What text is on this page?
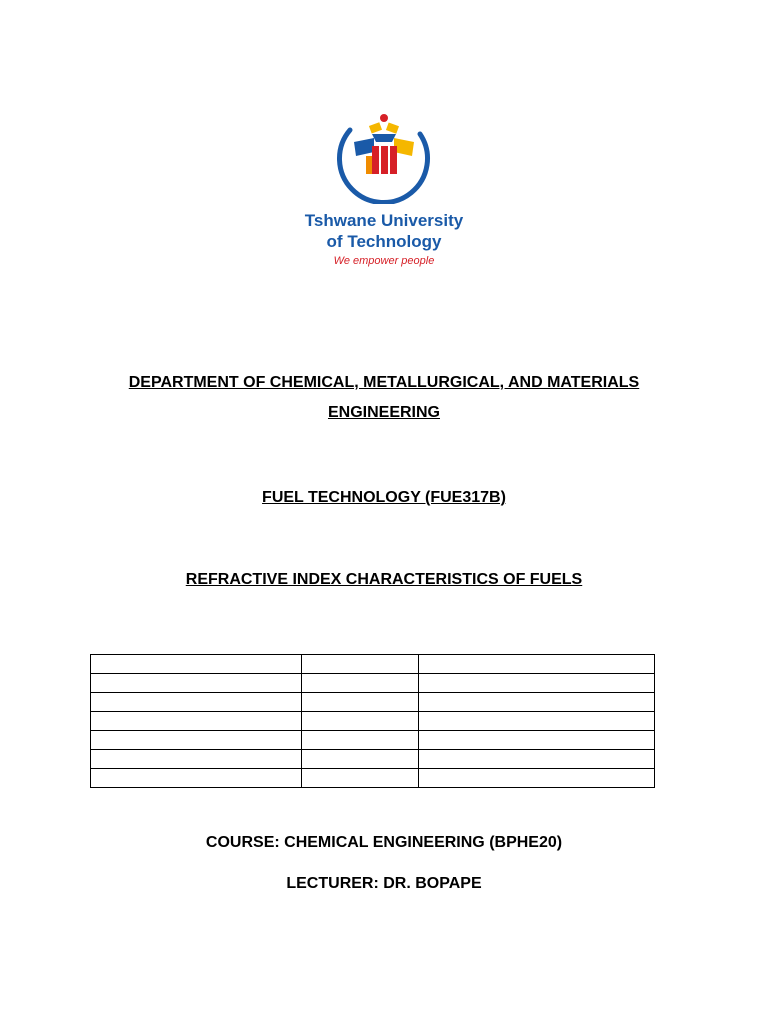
Tshwane University
of Technology
We empower people
DEPARTMENT OF CHEMICAL, METALLURGICAL, AND MATERIALS
ENGINEERING
FUEL TECHNOLOGY (FUE317B)
REFRACTIVE INDEX CHARACTERISTICS OF FUELS

COURSE: CHEMICAL ENGINEERING (BPHE20)
LECTURER: DR. BOPAPE
